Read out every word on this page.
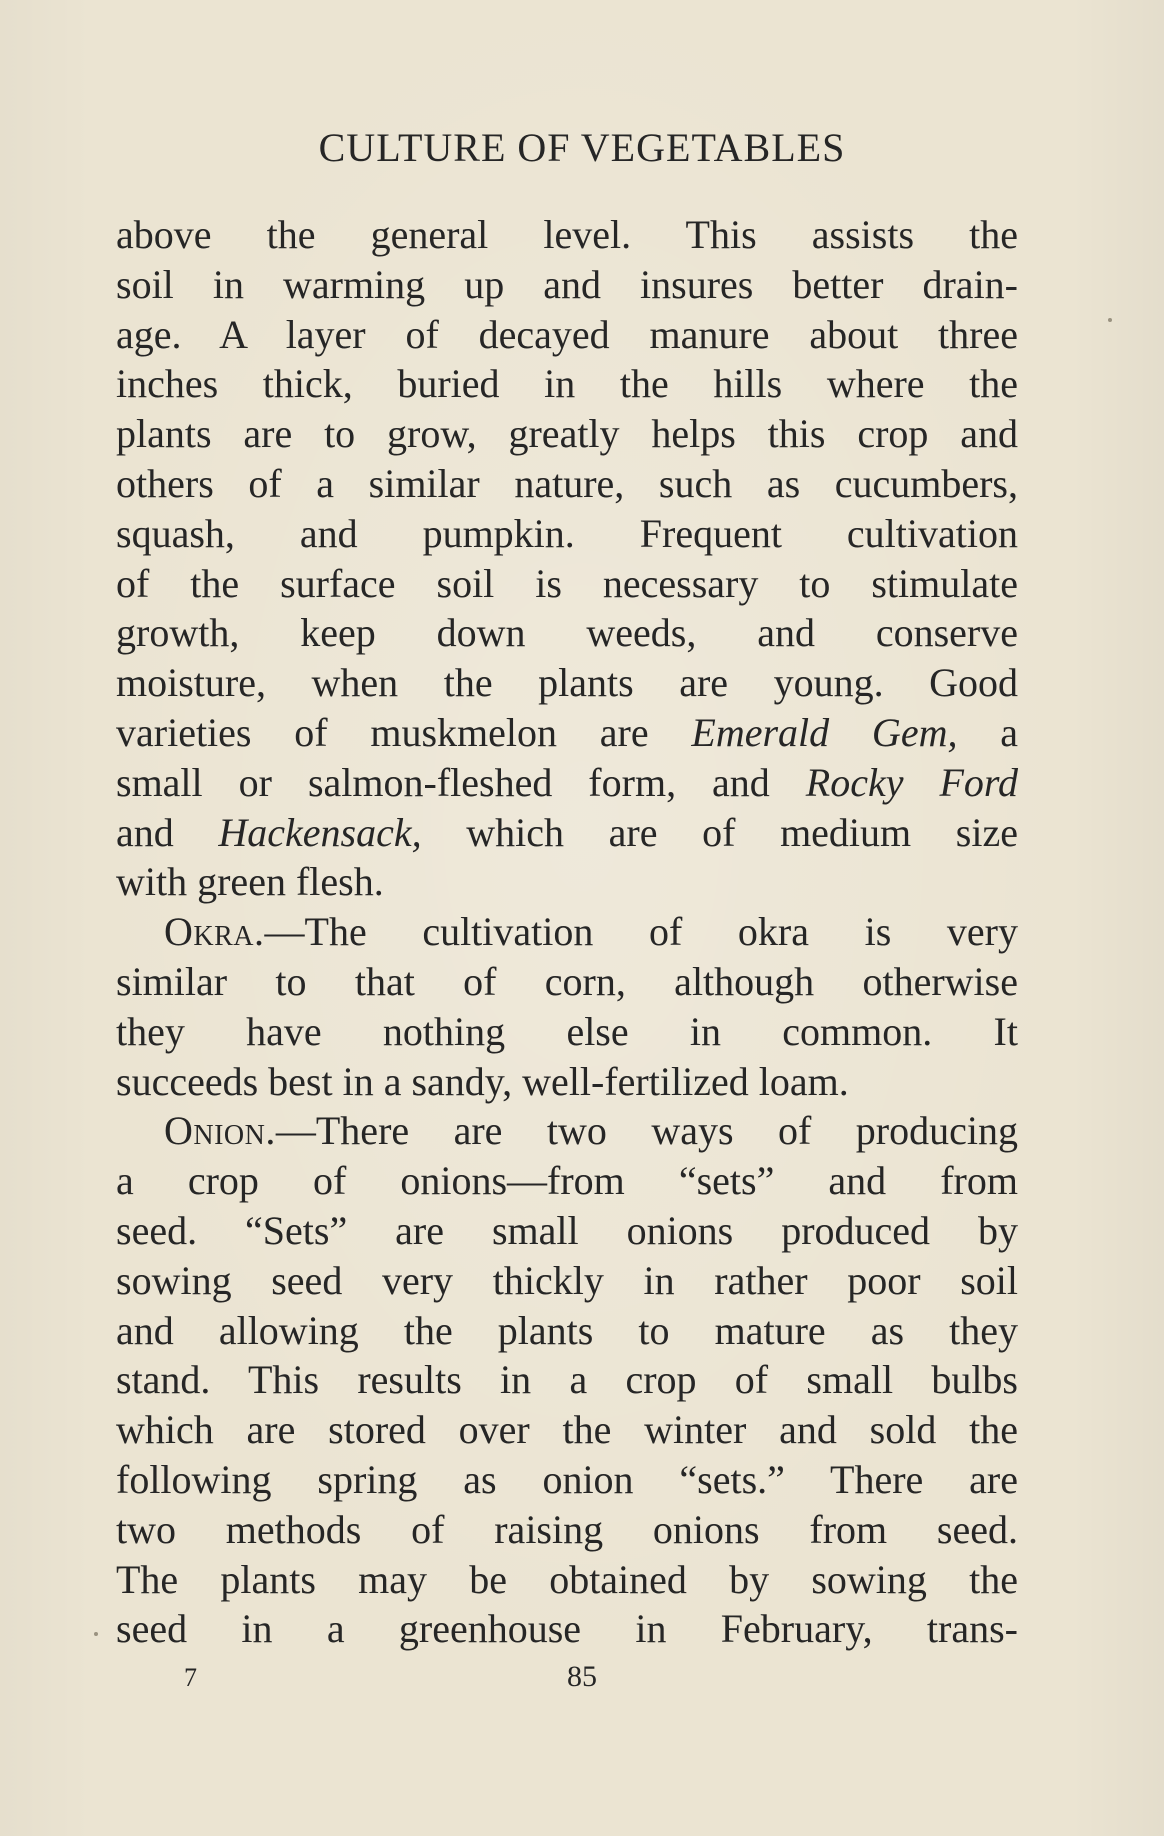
CULTURE OF VEGETABLES
above the general level. This assists the
soil in warming up and insures better drain-
age. A layer of decayed manure about three
inches thick, buried in the hills where the
plants are to grow, greatly helps this crop and
others of a similar nature, such as cucumbers,
squash, and pumpkin. Frequent cultivation
of the surface soil is necessary to stimulate
growth, keep down weeds, and conserve
moisture, when the plants are young. Good
varieties of muskmelon are Emerald Gem, a
small or salmon-fleshed form, and Rocky Ford
and Hackensack, which are of medium size
with green flesh.
Okra.—The cultivation of okra is very
similar to that of corn, although otherwise
they have nothing else in common. It
succeeds best in a sandy, well-fertilized loam.
Onion.—There are two ways of producing
a crop of onions—from “sets” and from
seed. “Sets” are small onions produced by
sowing seed very thickly in rather poor soil
and allowing the plants to mature as they
stand. This results in a crop of small bulbs
which are stored over the winter and sold the
following spring as onion “sets.” There are
two methods of raising onions from seed.
The plants may be obtained by sowing the
seed in a greenhouse in February, trans-
7	85
